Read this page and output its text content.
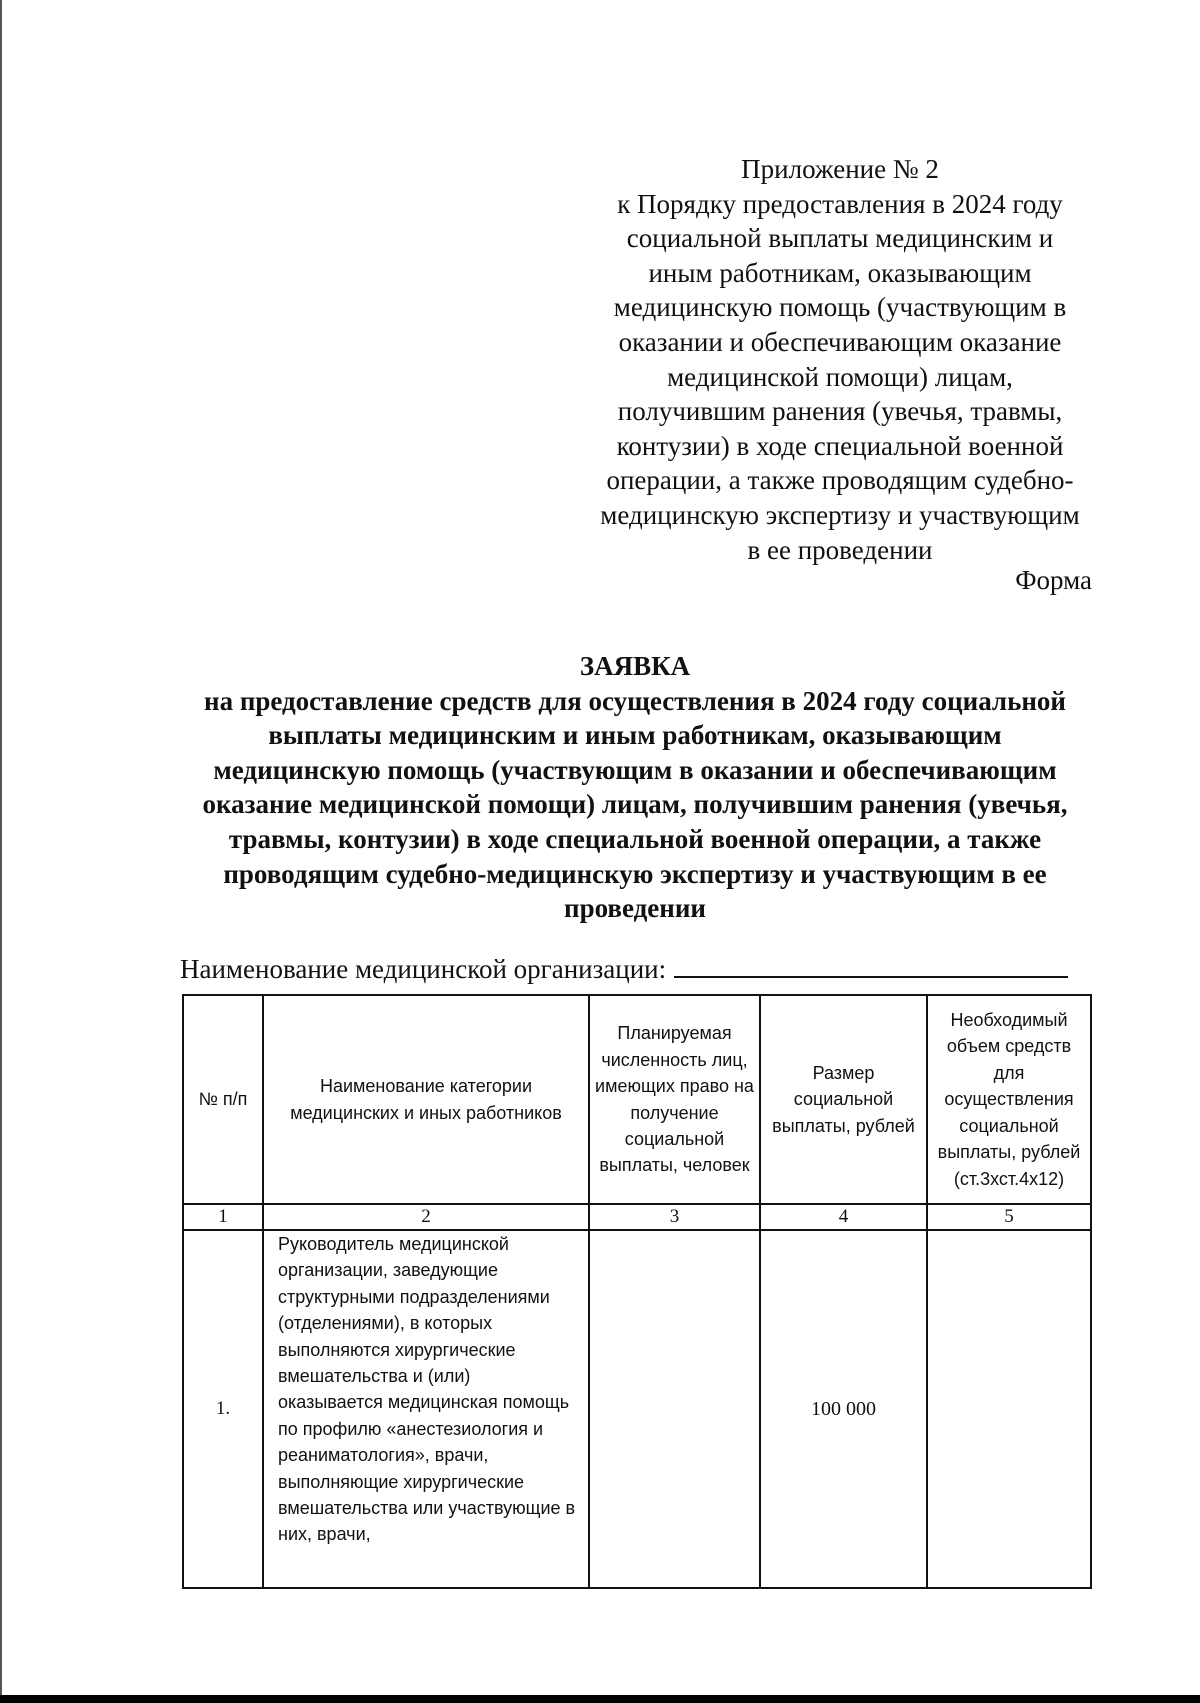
Приложение № 2
к Порядку предоставления в 2024 году
социальной выплаты медицинским и
иным работникам, оказывающим
медицинскую помощь (участвующим в
оказании и обеспечивающим оказание
медицинской помощи) лицам,
получившим ранения (увечья, травмы,
контузии) в ходе специальной военной
операции, а также проводящим судебно-
медицинскую экспертизу и участвующим
в ее проведении
Форма
ЗАЯВКА
на предоставление средств для осуществления в 2024 году социальной
выплаты медицинским и иным работникам, оказывающим
медицинскую помощь (участвующим в оказании и обеспечивающим
оказание медицинской помощи) лицам, получившим ранения (увечья,
травмы, контузии) в ходе специальной военной операции, а также
проводящим судебно-медицинскую экспертизу и участвующим в ее
проведении
Наименование медицинской организации:
№ п/п	Наименование категории медицинских и иных работников	Планируемая численность лиц, имеющих право на получение социальной выплаты, человек	Размер социальной выплаты, рублей	Необходимый объем средств для осуществления социальной выплаты, рублей (ст.3хст.4х12)
1	2	3	4	5
1.	Руководитель медицинской организации, заведующие структурными подразделениями (отделениями), в которых выполняются хирургические вмешательства и (или) оказывается медицинская помощь по профилю «анестезиология и реаниматология», врачи, выполняющие хирургические вмешательства или участвующие в них, врачи,		100 000	
